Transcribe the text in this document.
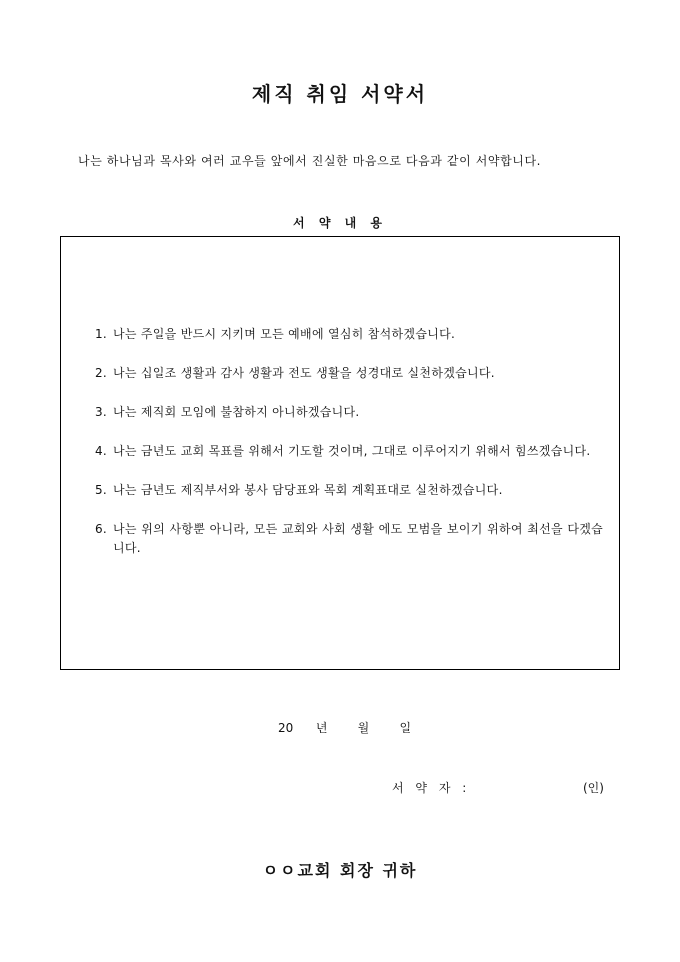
제직 취임 서약서
나는 하나님과 목사와 여러 교우들 앞에서 진실한 마음으로 다음과 같이 서약합니다.
서 약 내 용
1. 나는 주일을 반드시 지키며 모든 예배에 열심히 참석하겠습니다.
2. 나는 십일조 생활과 감사 생활과 전도 생활을 성경대로 실천하겠습니다.
3. 나는 제직회 모임에 불참하지 아니하겠습니다.
4. 나는 금년도 교회 목표를 위해서 기도할 것이며, 그대로 이루어지기 위해서 힘쓰겠습니다.
5. 나는 금년도 제직부서와 봉사 담당표와 목회 계획표대로 실천하겠습니다.
6. 나는 위의 사항뿐 아니라, 모든 교회와 사회 생활 에도 모범을 보이기 위하여 최선을 다겠습니다.
20 년	월	일
서 약 자 :	(인)
ㅇㅇ교회 회장 귀하
